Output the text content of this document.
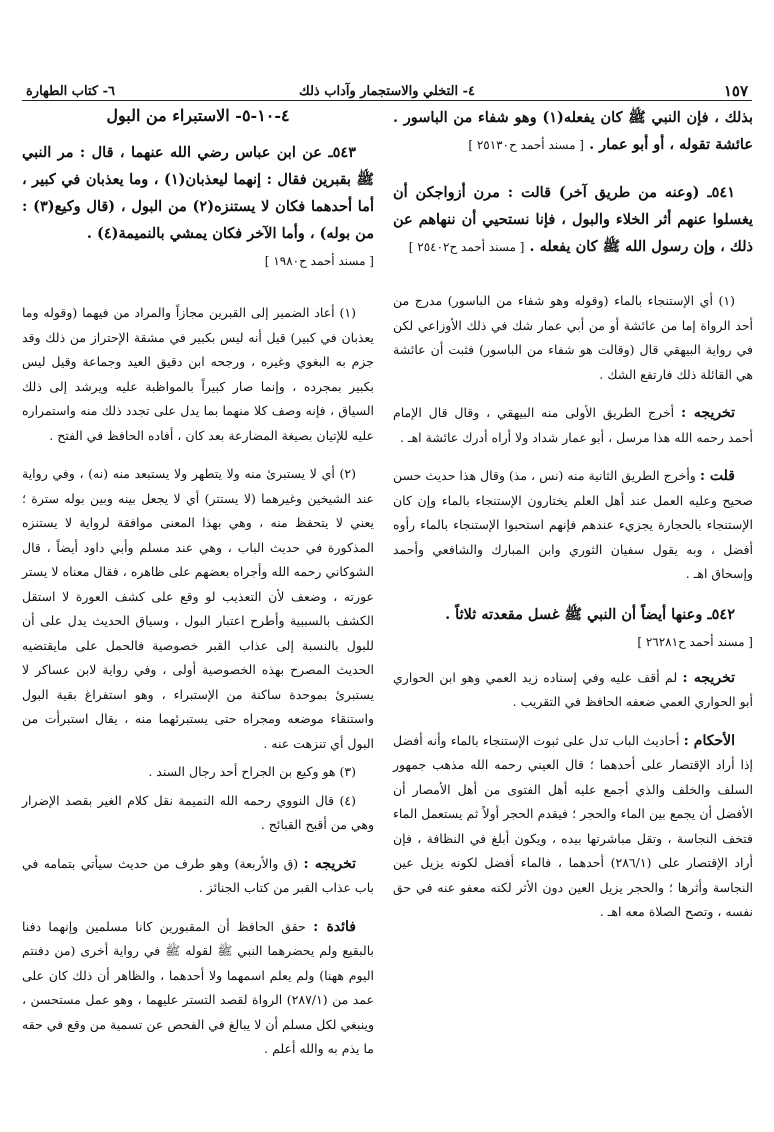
١٥٧
٤- التخلي والاستجمار وآداب ذلك
٦- كتاب الطهارة

بذلك ، فإن النبي ﷺ كان يفعله(١) وهو شفاء من الباسور . عائشة تقوله ، أو أبو عمار . [ مسند أحمد ح٢٥١٣٠ ]

٥٤١ـ (وعنه من طريق آخر) قالت : مرن أزواجكن أن يغسلوا عنهم أثر الخلاء والبول ، فإنا نستحيي أن ننهاهم عن ذلك ، وإن رسول الله ﷺ كان يفعله . [ مسند أحمد ح٢٥٤٠٢ ]

(١) أي الإستنجاء بالماء (وقوله وهو شفاء من الباسور) مدرج من أحد الرواة إما من عائشة أو من أبي عمار شك في ذلك الأوزاعي لكن في رواية البيهقي قال (وقالت هو شفاء من الباسور) فثبت أن عائشة هي القائلة ذلك فارتفع الشك .

تخريجه : أخرج الطريق الأولى منه البيهقي ، وقال قال الإمام أحمد رحمه الله هذا مرسل ، أبو عمار شداد ولا أراه أدرك عائشة اهـ .

قلت : وأخرج الطريق الثانية منه (نس ، مذ) وقال هذا حديث حسن صحيح وعليه العمل عند أهل العلم يختارون الإستنجاء بالماء وإن كان الإستنجاء بالحجارة يجزيء عندهم فإنهم استحبوا الإستنجاء بالماء رأوه أفضل ، وبه يقول سفيان الثوري وابن المبارك والشافعي وأحمد وإسحاق اهـ .

٥٤٢ـ وعنها أيضاً أن النبي ﷺ غسل مقعدته ثلاثاً .
[ مسند أحمد ح٢٦٢٨١ ]

تخريجه : لم أقف عليه وفي إسناده زيد العمي وهو ابن الحواري أبو الحواري العمي ضعفه الحافظ في التقريب .

الأحكام : أحاديث الباب تدل على ثبوت الإستنجاء بالماء وأنه أفضل إذا أراد الإقتصار على أحدهما ؛ قال العيني رحمه الله مذهب جمهور السلف والخلف والذي أجمع عليه أهل الفتوى من أهل الأمصار أن الأفضل أن يجمع بين الماء والحجر ؛ فيقدم الحجر أولاً ثم يستعمل الماء فتخف النجاسة ، وتقل مباشرتها بيده ، ويكون أبلغ في النظافة ، فإن أراد الإقتصار على (٢٨٦/١) أحدهما ، فالماء أفضل لكونه يزيل عين النجاسة وأثرها ؛ والحجر يزيل العين دون الأثر لكنه معفو عنه في حق نفسه ، وتصح الصلاة معه اهـ .

٤-١٠-٥- الاستبراء من البول

٥٤٣ـ عن ابن عباس رضي الله عنهما ، قال : مر النبي ﷺ بقبرين فقال : إنهما ليعذبان(١) ، وما يعذبان في كبير ، أما أحدهما فكان لا يستنزه(٢) من البول ، (قال وكيع(٣) : من بوله) ، وأما الآخر فكان يمشي بالنميمة(٤) .
[ مسند أحمد ح١٩٨٠ ]

(١) أعاد الضمير إلى القبرين مجازاً والمراد من فيهما (وقوله وما يعذبان في كبير) قيل أنه ليس بكبير في مشقة الإحتراز من ذلك وقد جزم به البغوي وغيره ، ورجحه ابن دقيق العيد وجماعة وقيل ليس بكبير بمجرده ، وإنما صار كبيراً بالمواظبة عليه ويرشد إلى ذلك السياق ، فإنه وصف كلا منهما بما يدل على تجدد ذلك منه واستمراره عليه للإتيان بصيغة المضارعة بعد كان ، أفاده الحافظ في الفتح .

(٢) أي لا يستبرئ منه ولا يتطهر ولا يستبعد منه (نه) ، وفي رواية عند الشيخين وغيرهما (لا يستتر) أي لا يجعل بينه وبين بوله سترة ؛ يعني لا يتحفظ منه ، وهي بهذا المعنى موافقة لرواية لا يستنزه المذكورة في حديث الباب ، وهي عند مسلم وأبي داود أيضاً ، قال الشوكاني رحمه الله وأجراه بعضهم على ظاهره ، فقال معناه لا يستر عورته ، وضعف لأن التعذيب لو وقع على كشف العورة لا استقل الكشف بالسببية وأطرح اعتبار البول ، وسياق الحديث يدل على أن للبول بالنسبة إلى عذاب القبر خصوصية فالحمل على مايقتضيه الحديث المصرح بهذه الخصوصية أولى ، وفي رواية لابن عساكر لا يستبرئ بموحدة ساكنة من الإستبراء ، وهو استفراغ بقية البول واستنقاء موضعه ومجراه حتى يستبرئهما منه ، يقال استبرأت من البول أي تنزهت عنه .

(٣) هو وكيع بن الجراح أحد رجال السند .

(٤) قال النووي رحمه الله النميمة نقل كلام الغير بقصد الإضرار وهي من أقبح القبائح .

تخريجه : (ق والأربعة) وهو طرف من حديث سيأتي بتمامه في باب عذاب القبر من كتاب الجنائز .

فائدة : حقق الحافظ أن المقبورين كانا مسلمين وإنهما دفنا بالبقيع ولم يحضرهما النبي ﷺ لقوله ﷺ في رواية أخرى (من دفنتم اليوم ههنا) ولم يعلم اسمهما ولا أحدهما ، والظاهر أن ذلك كان على عمد من (٢٨٧/١) الرواة لقصد التستر عليهما ، وهو عمل مستحسن ، وينبغي لكل مسلم أن لا يبالغ في الفحص عن تسمية من وقع في حقه ما يذم به والله أعلم .
